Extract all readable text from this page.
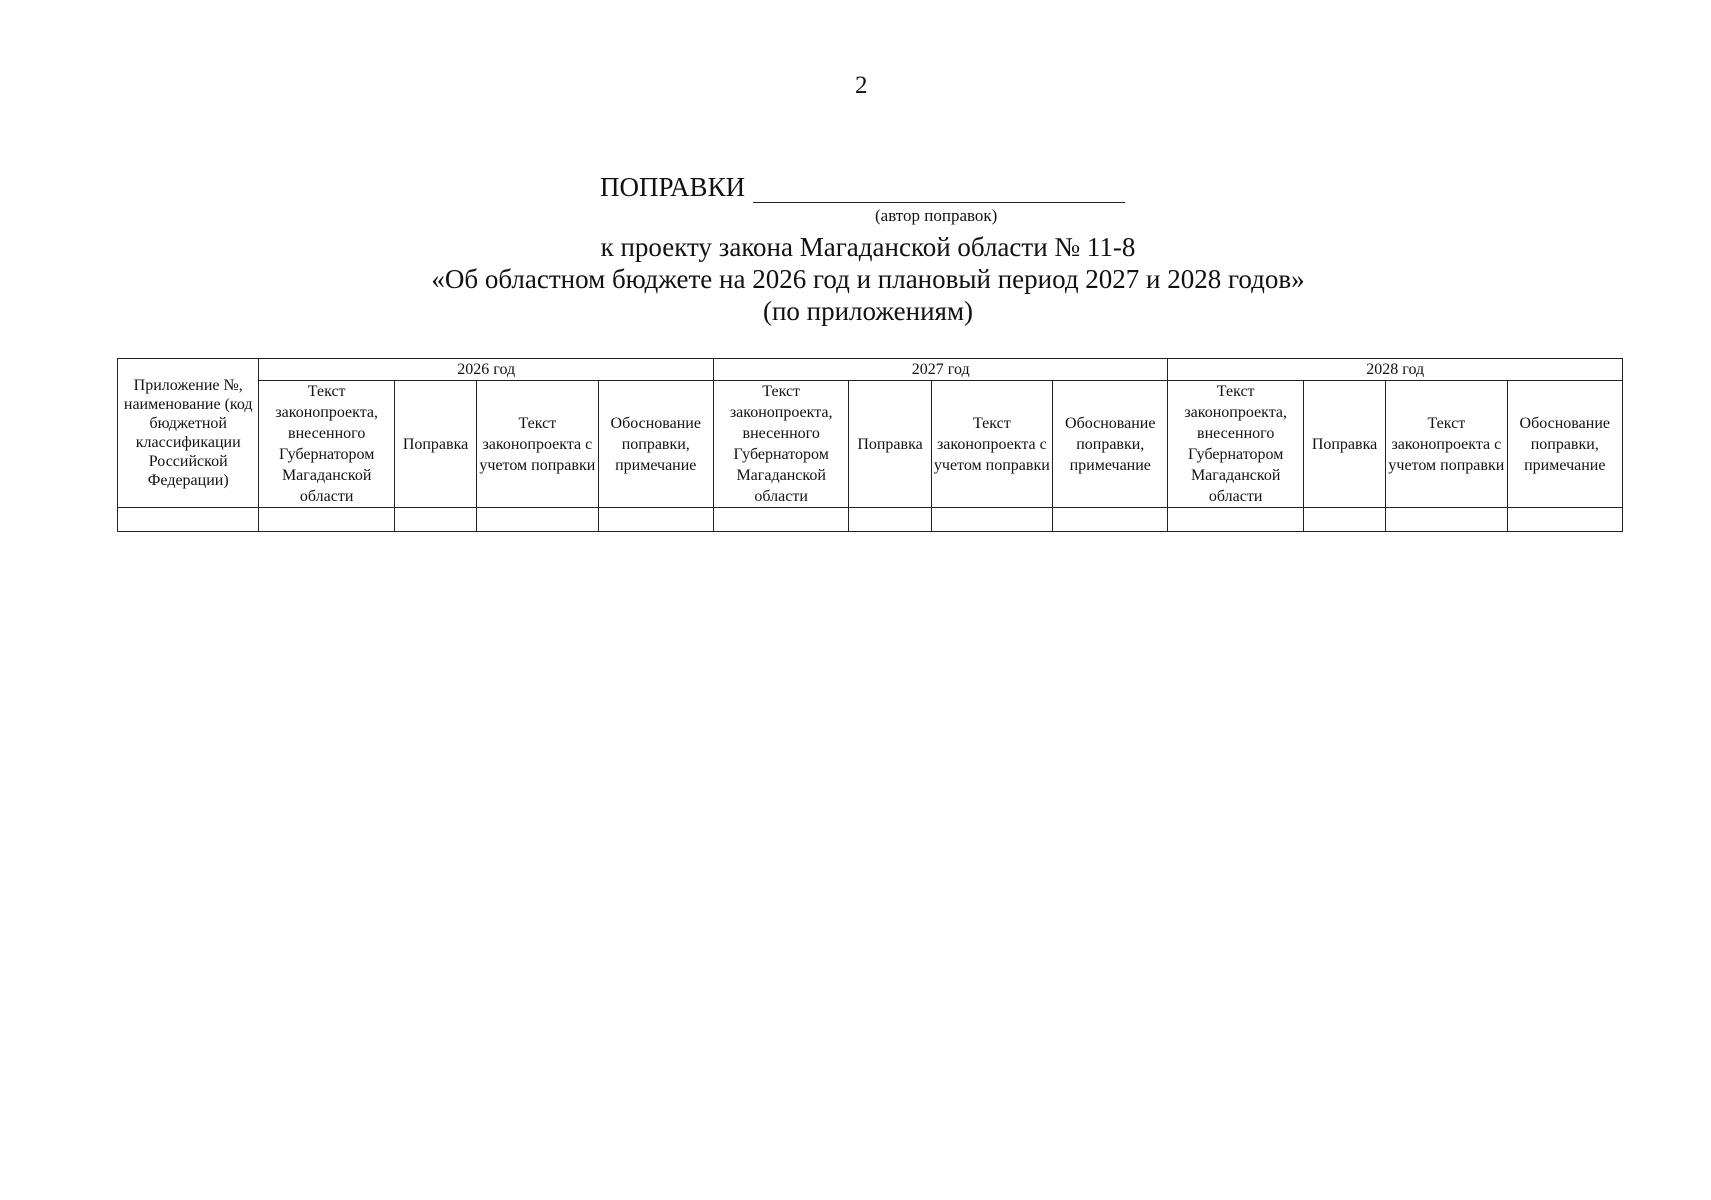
2
ПОПРАВКИ
(автор поправок)
к проекту закона Магаданской области № 11-8
«Об областном бюджете на 2026 год и плановый период 2027 и 2028 годов»
(по приложениям)
Приложение №, наименование (код бюджетной классификации Российской Федерации)	2026 год				2027 год				2028 год			
	Текст законопроекта, внесенного Губернатором Магаданской области	Поправка	Текст законопроекта с учетом поправки	Обоснование поправки, примечание	Текст законопроекта, внесенного Губернатором Магаданской области	Поправка	Текст законопроекта с учетом поправки	Обоснование поправки, примечание	Текст законопроекта, внесенного Губернатором Магаданской области	Поправка	Текст законопроекта с учетом поправки	Обоснование поправки, примечание
